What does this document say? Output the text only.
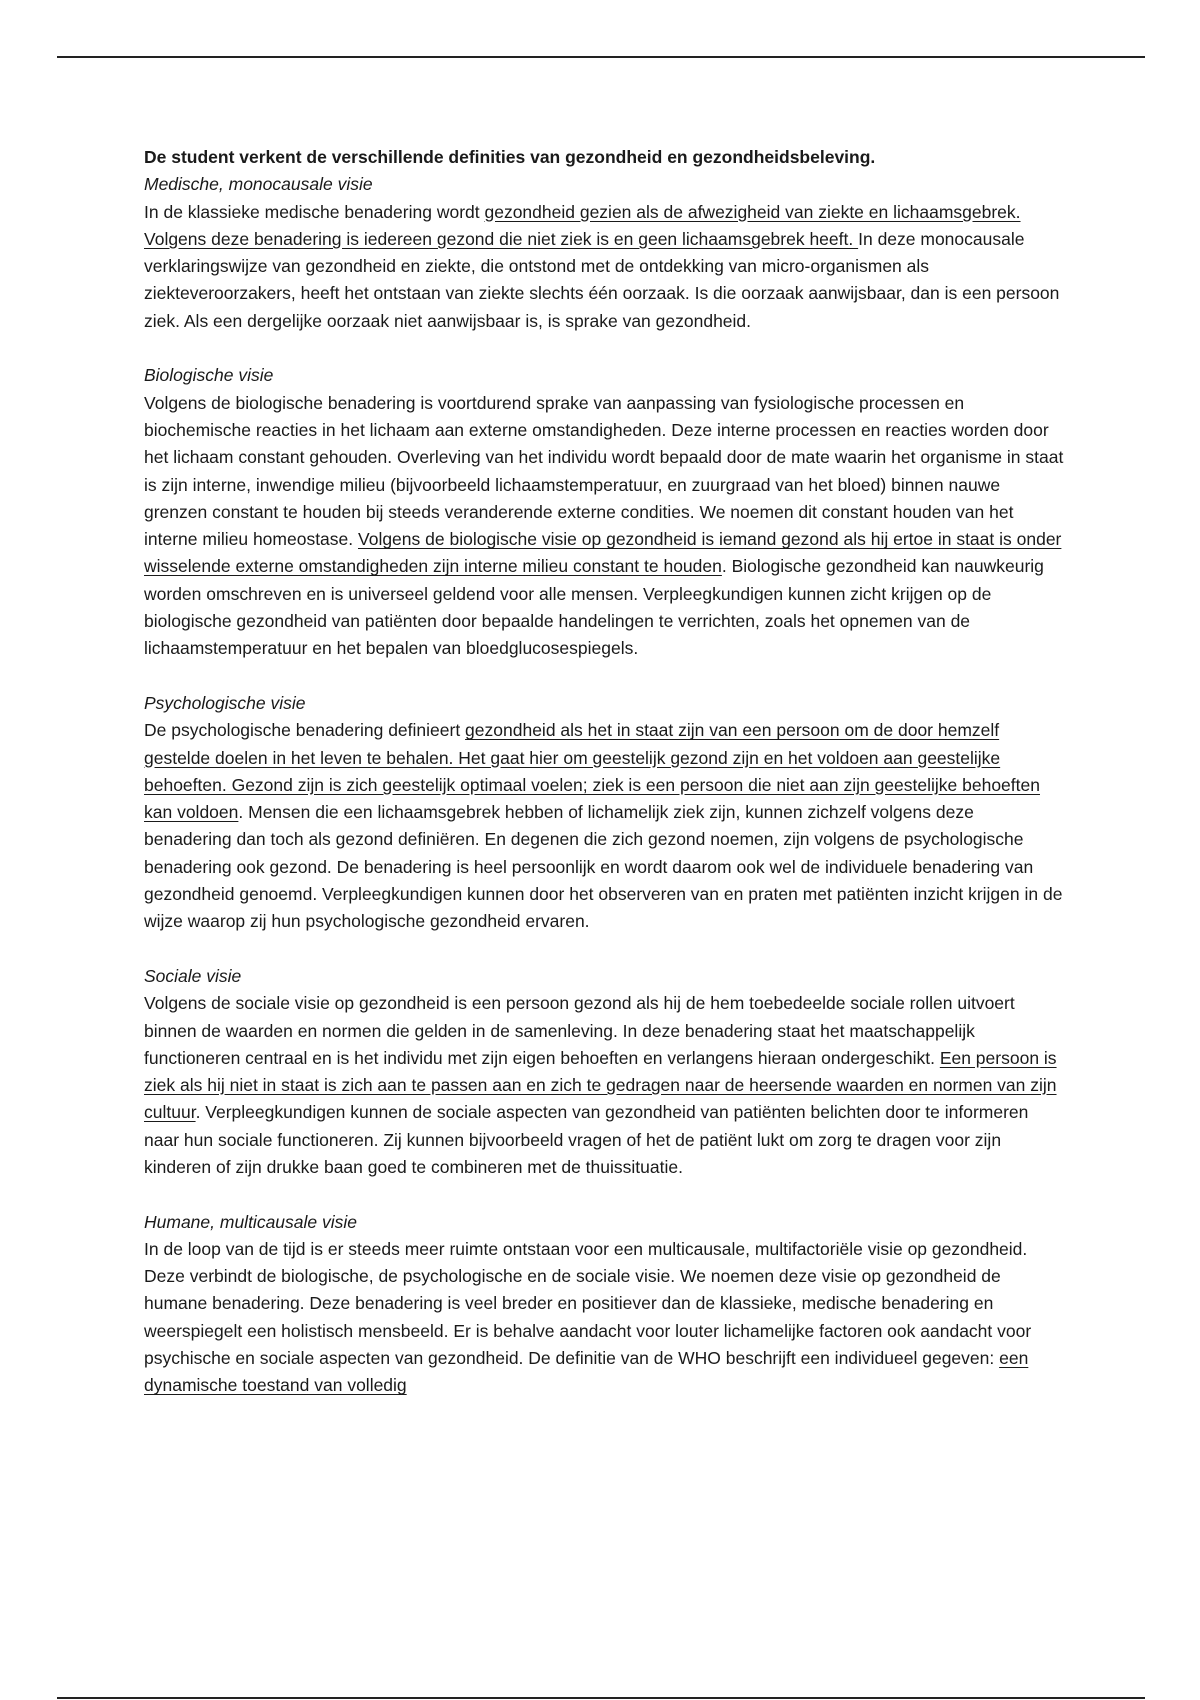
De student verkent de verschillende definities van gezondheid en gezondheidsbeleving.

Medische, monocausale visie

In de klassieke medische benadering wordt gezondheid gezien als de afwezigheid van ziekte en lichaamsgebrek. Volgens deze benadering is iedereen gezond die niet ziek is en geen lichaamsgebrek heeft. In deze monocausale verklaringswijze van gezondheid en ziekte, die ontstond met de ontdekking van micro-organismen als ziekteveroorzakers, heeft het ontstaan van ziekte slechts één oorzaak. Is die oorzaak aanwijsbaar, dan is een persoon ziek. Als een dergelijke oorzaak niet aanwijsbaar is, is sprake van gezondheid.

Biologische visie

Volgens de biologische benadering is voortdurend sprake van aanpassing van fysiologische processen en biochemische reacties in het lichaam aan externe omstandigheden. Deze interne processen en reacties worden door het lichaam constant gehouden. Overleving van het individu wordt bepaald door de mate waarin het organisme in staat is zijn interne, inwendige milieu (bijvoorbeeld lichaamstemperatuur, en zuurgraad van het bloed) binnen nauwe grenzen constant te houden bij steeds veranderende externe condities. We noemen dit constant houden van het interne milieu homeostase. Volgens de biologische visie op gezondheid is iemand gezond als hij ertoe in staat is onder wisselende externe omstandigheden zijn interne milieu constant te houden. Biologische gezondheid kan nauwkeurig worden omschreven en is universeel geldend voor alle mensen. Verpleegkundigen kunnen zicht krijgen op de biologische gezondheid van patiënten door bepaalde handelingen te verrichten, zoals het opnemen van de lichaamstemperatuur en het bepalen van bloedglucosespiegels.

Psychologische visie

De psychologische benadering definieert gezondheid als het in staat zijn van een persoon om de door hemzelf gestelde doelen in het leven te behalen. Het gaat hier om geestelijk gezond zijn en het voldoen aan geestelijke behoeften. Gezond zijn is zich geestelijk optimaal voelen; ziek is een persoon die niet aan zijn geestelijke behoeften kan voldoen. Mensen die een lichaamsgebrek hebben of lichamelijk ziek zijn, kunnen zichzelf volgens deze benadering dan toch als gezond definiëren. En degenen die zich gezond noemen, zijn volgens de psychologische benadering ook gezond. De benadering is heel persoonlijk en wordt daarom ook wel de individuele benadering van gezondheid genoemd. Verpleegkundigen kunnen door het observeren van en praten met patiënten inzicht krijgen in de wijze waarop zij hun psychologische gezondheid ervaren.

Sociale visie

Volgens de sociale visie op gezondheid is een persoon gezond als hij de hem toebedeelde sociale rollen uitvoert binnen de waarden en normen die gelden in de samenleving. In deze benadering staat het maatschappelijk functioneren centraal en is het individu met zijn eigen behoeften en verlangens hieraan ondergeschikt. Een persoon is ziek als hij niet in staat is zich aan te passen aan en zich te gedragen naar de heersende waarden en normen van zijn cultuur. Verpleegkundigen kunnen de sociale aspecten van gezondheid van patiënten belichten door te informeren naar hun sociale functioneren. Zij kunnen bijvoorbeeld vragen of het de patiënt lukt om zorg te dragen voor zijn kinderen of zijn drukke baan goed te combineren met de thuissituatie.

Humane, multicausale visie

In de loop van de tijd is er steeds meer ruimte ontstaan voor een multicausale, multifactoriële visie op gezondheid. Deze verbindt de biologische, de psychologische en de sociale visie. We noemen deze visie op gezondheid de humane benadering. Deze benadering is veel breder en positiever dan de klassieke, medische benadering en weerspiegelt een holistisch mensbeeld. Er is behalve aandacht voor louter lichamelijke factoren ook aandacht voor psychische en sociale aspecten van gezondheid. De definitie van de WHO beschrijft een individueel gegeven: een dynamische toestand van volledig
